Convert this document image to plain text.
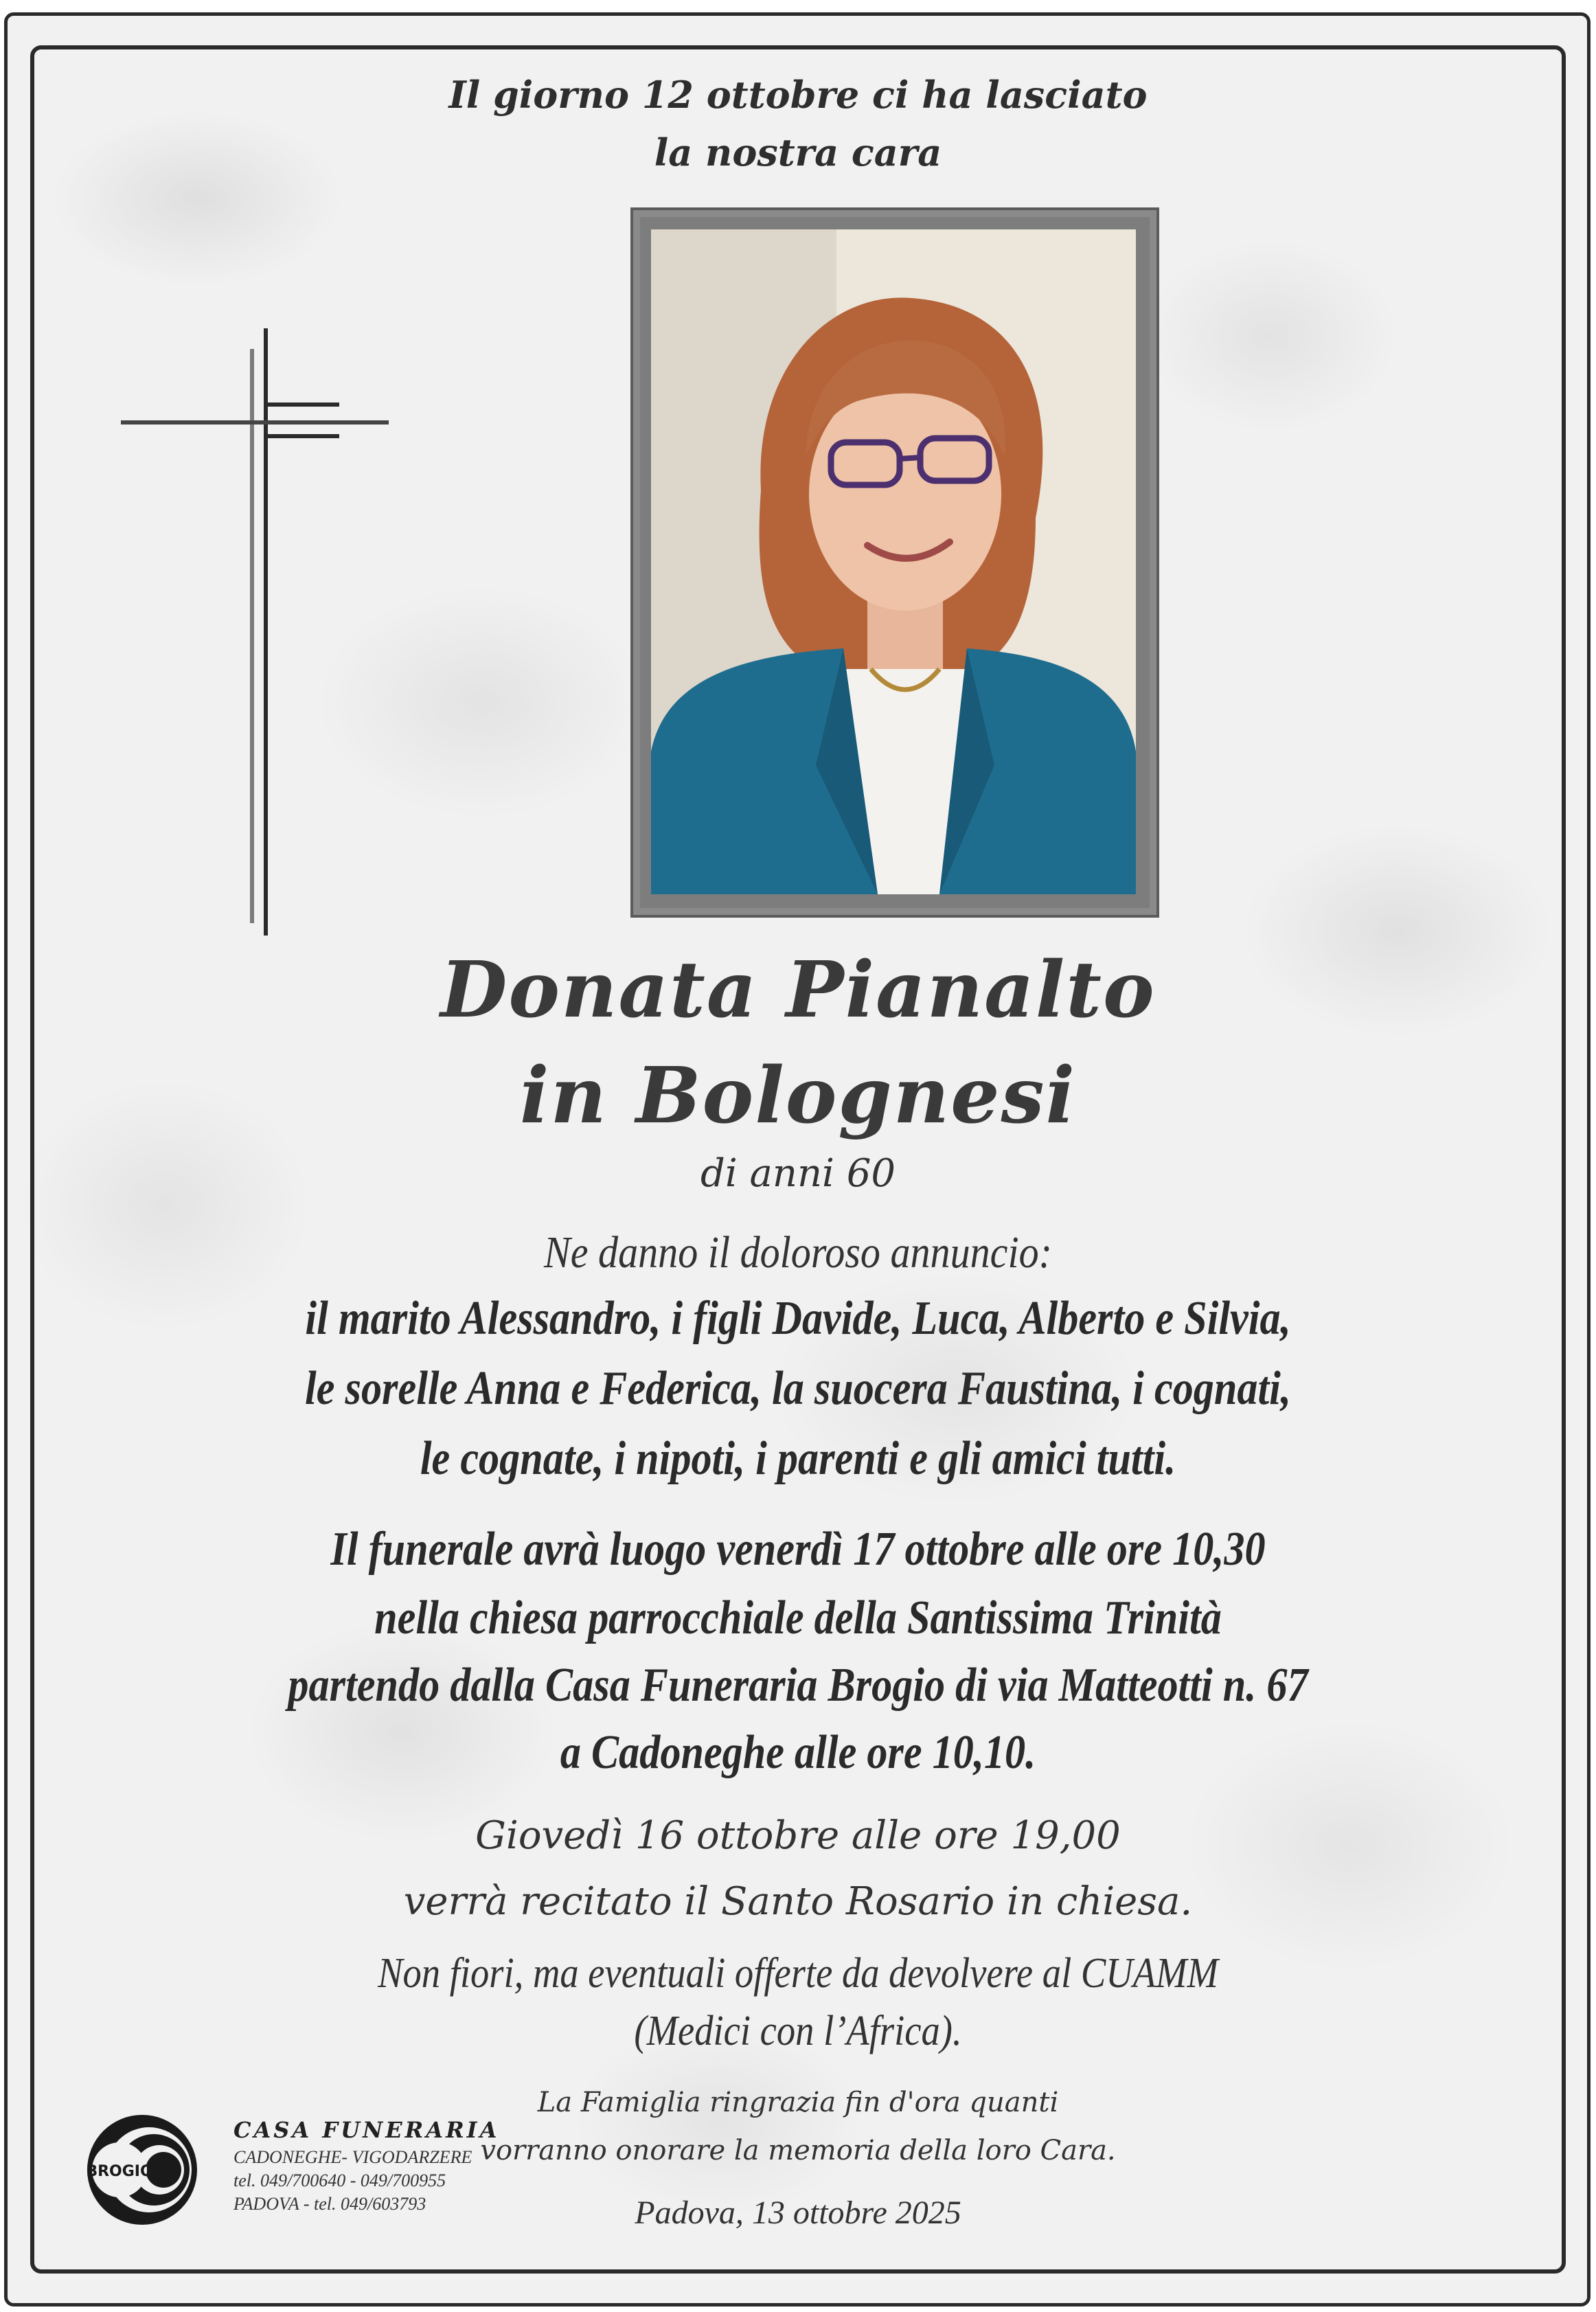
Il giorno 12 ottobre ci ha lasciato
la nostra cara
Donata Pianalto
in Bolognesi
di anni 60
Ne danno il doloroso annuncio:
il marito Alessandro, i figli Davide, Luca, Alberto e Silvia,
le sorelle Anna e Federica, la suocera Faustina, i cognati,
le cognate, i nipoti, i parenti e gli amici tutti.
Il funerale avrà luogo venerdì 17 ottobre alle ore 10,30
nella chiesa parrocchiale della Santissima Trinità
partendo dalla Casa Funeraria Brogio di via Matteotti n. 67
a Cadoneghe alle ore 10,10.
Giovedì 16 ottobre alle ore 19,00
verrà recitato il Santo Rosario in chiesa.
Non fiori, ma eventuali offerte da devolvere al CUAMM
(Medici con l’Africa).
La Famiglia ringrazia fin d'ora quanti
vorranno onorare la memoria della loro Cara.
Padova, 13 ottobre 2025
BROGIO
CASA FUNERARIA
CADONEGHE- VIGODARZERE
tel. 049/700640 - 049/700955
PADOVA - tel. 049/603793
